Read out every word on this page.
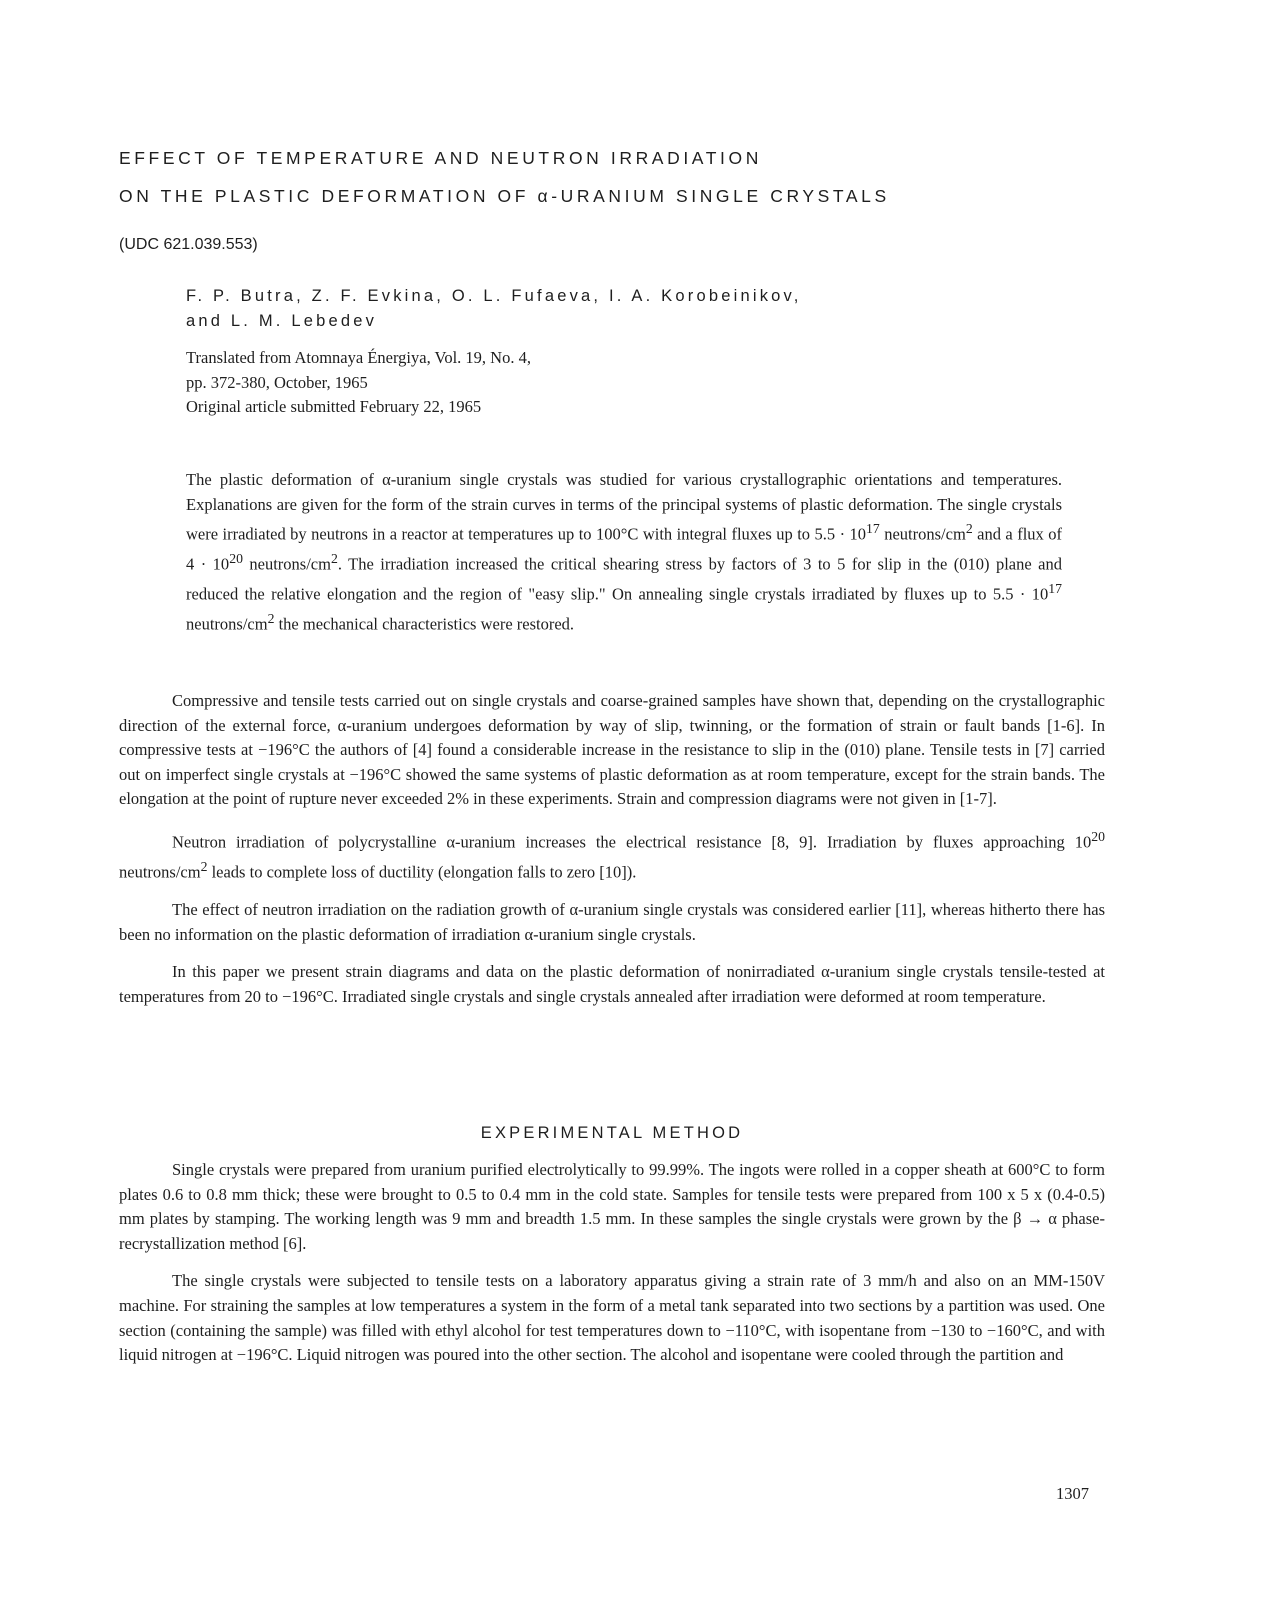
EFFECT OF TEMPERATURE AND NEUTRON IRRADIATION
ON THE PLASTIC DEFORMATION OF α-URANIUM SINGLE CRYSTALS
(UDC 621.039.553)
F. P. Butra, Z. F. Evkina, O. L. Fufaeva, I. A. Korobeinikov,
and L. M. Lebedev
Translated from Atomnaya Énergiya, Vol. 19, No. 4,
pp. 372-380, October, 1965
Original article submitted February 22, 1965
The plastic deformation of α-uranium single crystals was studied for various crystallographic orientations and temperatures. Explanations are given for the form of the strain curves in terms of the principal systems of plastic deformation. The single crystals were irradiated by neutrons in a reactor at temperatures up to 100°C with integral fluxes up to $5.5 \cdot 10^{17}$ neutrons/$cm^2$ and a flux of $4 \cdot 10^{20}$ neutrons/$cm^2$. The irradiation increased the critical shearing stress by factors of 3 to 5 for slip in the (010) plane and reduced the relative elongation and the region of "easy slip." On annealing single crystals irradiated by fluxes up to $5.5 \cdot 10^{17}$ neutrons/$cm^2$ the mechanical characteristics were restored.

Compressive and tensile tests carried out on single crystals and coarse-grained samples have shown that, depending on the crystallographic direction of the external force, α-uranium undergoes deformation by way of slip, twinning, or the formation of strain or fault bands [1-6]. In compressive tests at −196°C the authors of [4] found a considerable increase in the resistance to slip in the (010) plane. Tensile tests in [7] carried out on imperfect single crystals at −196°C showed the same systems of plastic deformation as at room temperature, except for the strain bands. The elongation at the point of rupture never exceeded 2% in these experiments. Strain and compression diagrams were not given in [1-7].

Neutron irradiation of polycrystalline α-uranium increases the electrical resistance [8, 9]. Irradiation by fluxes approaching $10^{20}$ neutrons/$cm^2$ leads to complete loss of ductility (elongation falls to zero [10]).

The effect of neutron irradiation on the radiation growth of α-uranium single crystals was considered earlier [11], whereas hitherto there has been no information on the plastic deformation of irradiation α-uranium single crystals.

In this paper we present strain diagrams and data on the plastic deformation of nonirradiated α-uranium single crystals tensile-tested at temperatures from 20 to −196°C. Irradiated single crystals and single crystals annealed after irradiation were deformed at room temperature.

EXPERIMENTAL METHOD

Single crystals were prepared from uranium purified electrolytically to 99.99%. The ingots were rolled in a copper sheath at 600°C to form plates 0.6 to 0.8 mm thick; these were brought to 0.5 to 0.4 mm in the cold state. Samples for tensile tests were prepared from 100 x 5 x (0.4-0.5) mm plates by stamping. The working length was 9 mm and breadth 1.5 mm. In these samples the single crystals were grown by the β → α phase-recrystallization method [6].

The single crystals were subjected to tensile tests on a laboratory apparatus giving a strain rate of 3 mm/h and also on an MM-150V machine. For straining the samples at low temperatures a system in the form of a metal tank separated into two sections by a partition was used. One section (containing the sample) was filled with ethyl alcohol for test temperatures down to −110°C, with isopentane from −130 to −160°C, and with liquid nitrogen at −196°C. Liquid nitrogen was poured into the other section. The alcohol and isopentane were cooled through the partition and

1307
